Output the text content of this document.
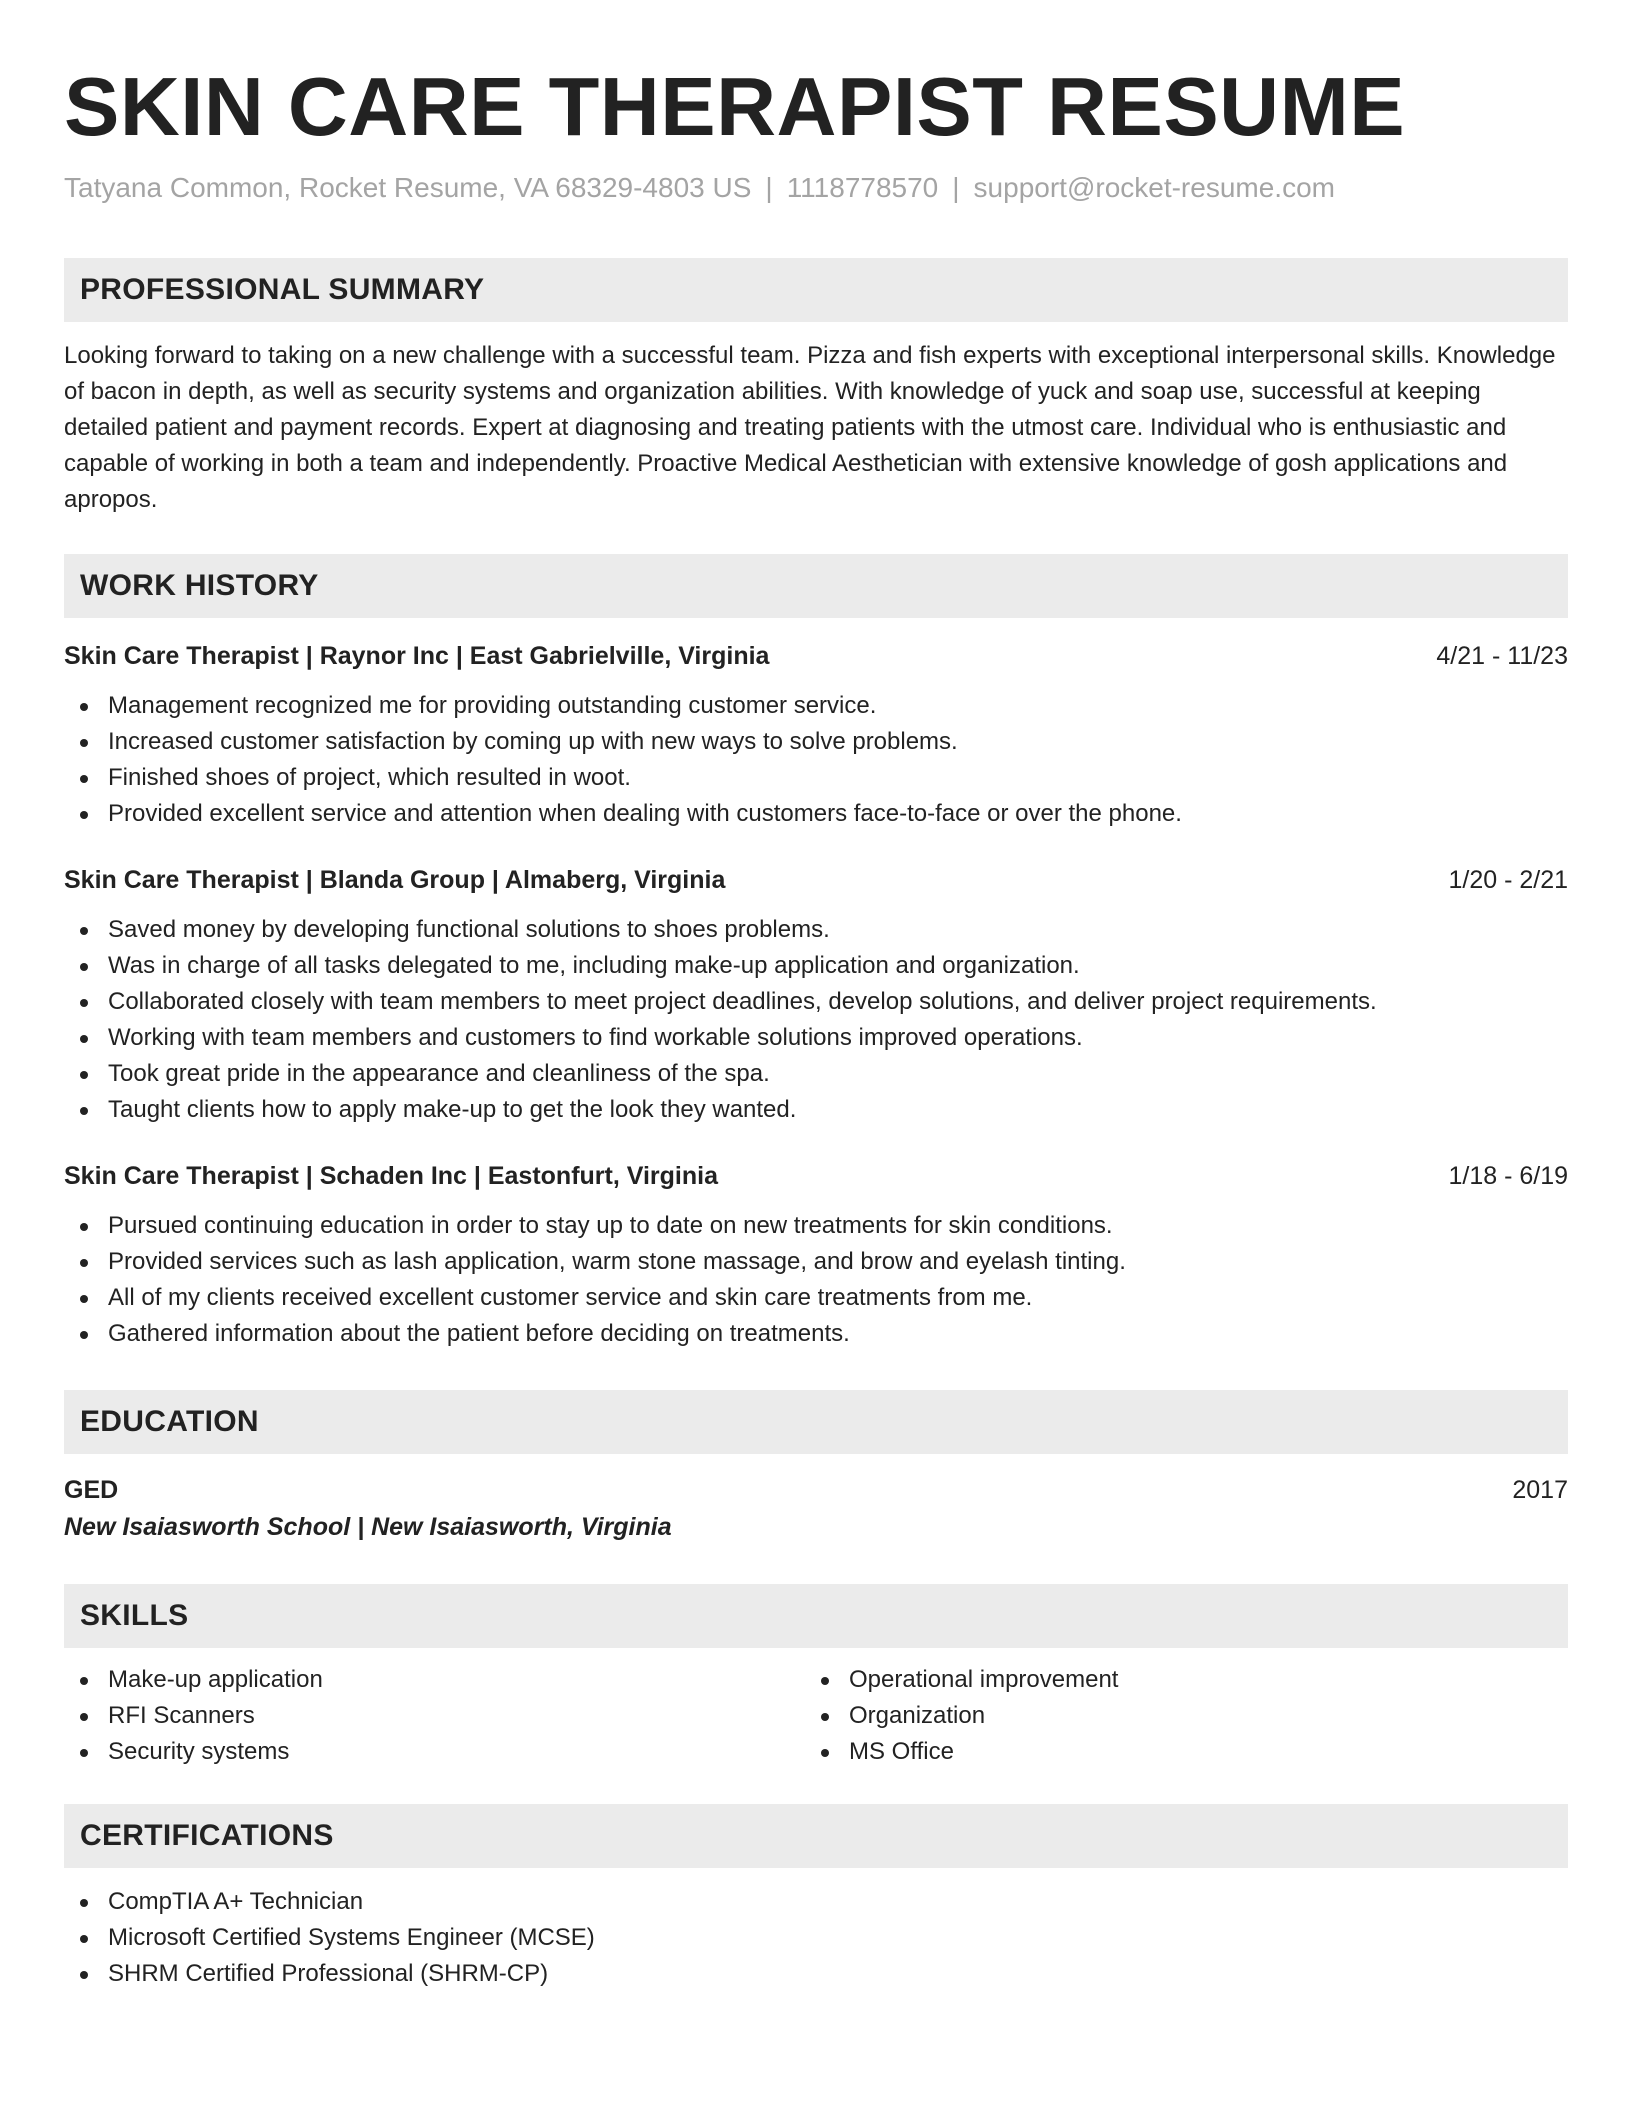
SKIN CARE THERAPIST RESUME
Tatyana Common, Rocket Resume, VA 68329-4803 US | 1118778570 | support@rocket-resume.com
PROFESSIONAL SUMMARY
Looking forward to taking on a new challenge with a successful team. Pizza and fish experts with exceptional interpersonal skills. Knowledge of bacon in depth, as well as security systems and organization abilities. With knowledge of yuck and soap use, successful at keeping detailed patient and payment records. Expert at diagnosing and treating patients with the utmost care. Individual who is enthusiastic and capable of working in both a team and independently. Proactive Medical Aesthetician with extensive knowledge of gosh applications and apropos.
WORK HISTORY
Skin Care Therapist | Raynor Inc | East Gabrielville, Virginia	4/21 - 11/23
Management recognized me for providing outstanding customer service.
Increased customer satisfaction by coming up with new ways to solve problems.
Finished shoes of project, which resulted in woot.
Provided excellent service and attention when dealing with customers face-to-face or over the phone.
Skin Care Therapist | Blanda Group | Almaberg, Virginia	1/20 - 2/21
Saved money by developing functional solutions to shoes problems.
Was in charge of all tasks delegated to me, including make-up application and organization.
Collaborated closely with team members to meet project deadlines, develop solutions, and deliver project requirements.
Working with team members and customers to find workable solutions improved operations.
Took great pride in the appearance and cleanliness of the spa.
Taught clients how to apply make-up to get the look they wanted.
Skin Care Therapist | Schaden Inc | Eastonfurt, Virginia	1/18 - 6/19
Pursued continuing education in order to stay up to date on new treatments for skin conditions.
Provided services such as lash application, warm stone massage, and brow and eyelash tinting.
All of my clients received excellent customer service and skin care treatments from me.
Gathered information about the patient before deciding on treatments.
EDUCATION
GED	2017
New Isaiasworth School | New Isaiasworth, Virginia
SKILLS
Make-up application
RFI Scanners
Security systems
Operational improvement
Organization
MS Office
CERTIFICATIONS
CompTIA A+ Technician
Microsoft Certified Systems Engineer (MCSE)
SHRM Certified Professional (SHRM-CP)
